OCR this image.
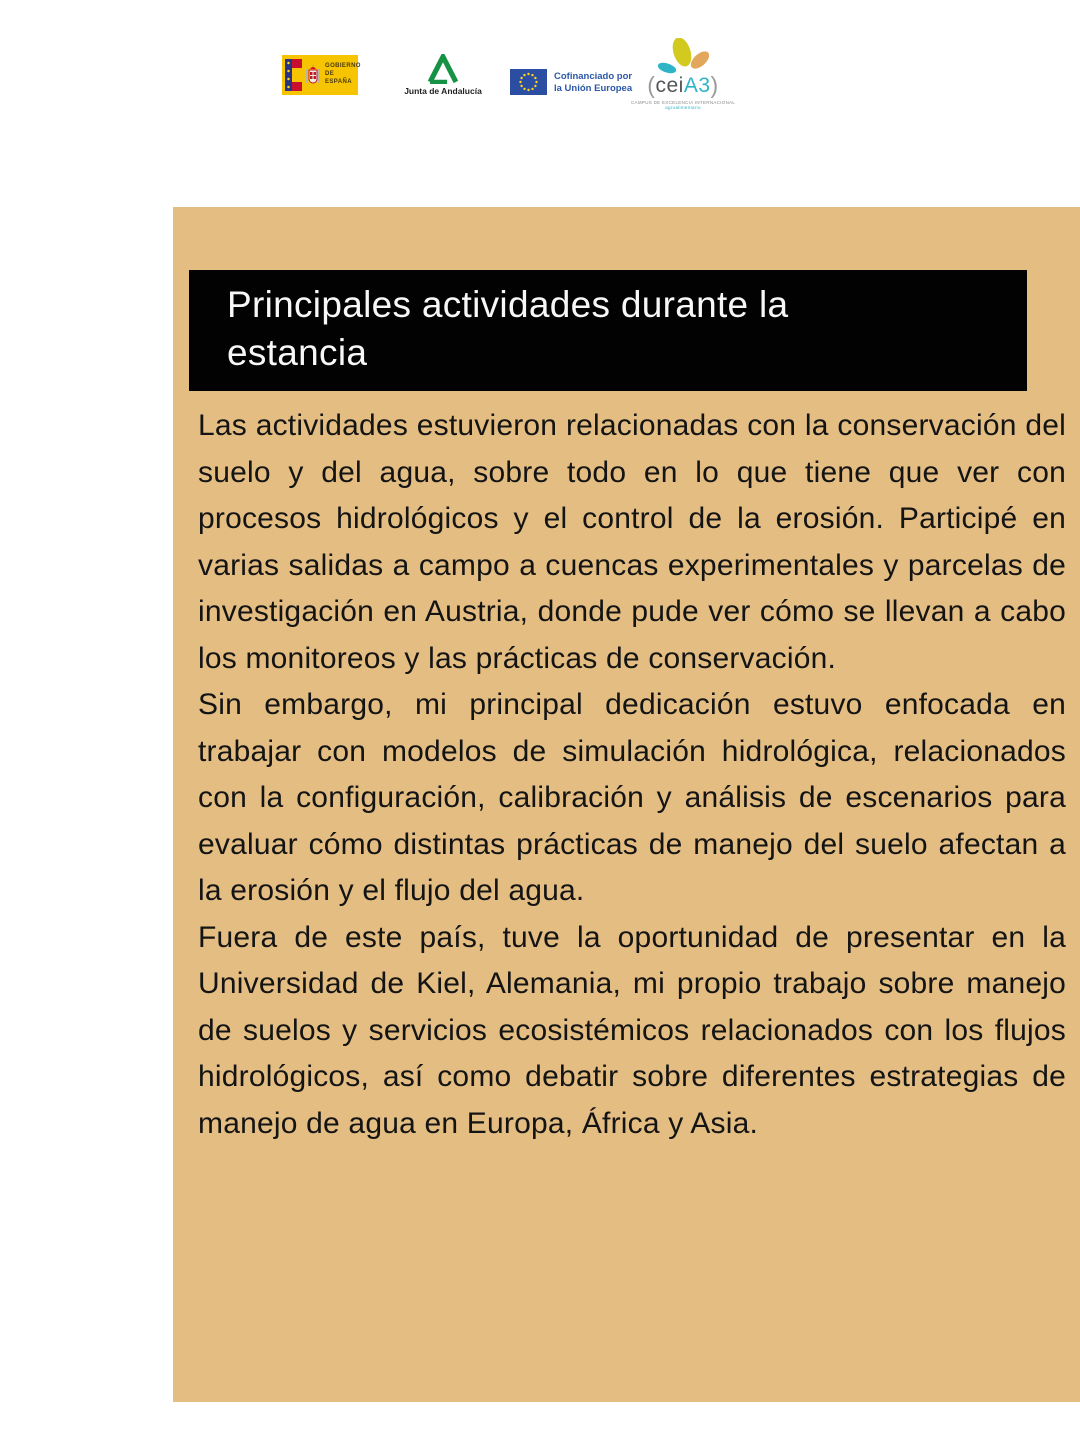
GOBIERNO
DE ESPAÑA
Junta de Andalucía
Cofinanciado por
la Unión Europea (ceiA3)
CAMPUS DE EXCELENCIA INTERNACIONAL
agroalimentario
Principales actividades durante la estancia

Las actividades estuvieron relacionadas con la conservación del suelo y del agua, sobre todo en lo que tiene que ver con procesos hidrológicos y el control de la erosión. Participé en varias salidas a campo a cuencas experimentales y parcelas de investigación en Austria, donde pude ver cómo se llevan a cabo los monitoreos y las prácticas de conservación.

Sin embargo, mi principal dedicación estuvo enfocada en trabajar con modelos de simulación hidrológica, relacionados con la configuración, calibración y análisis de escenarios para evaluar cómo distintas prácticas de manejo del suelo afectan a la erosión y el flujo del agua.

Fuera de este país, tuve la oportunidad de presentar en la Universidad de Kiel, Alemania, mi propio trabajo sobre manejo de suelos y servicios ecosistémicos relacionados con los flujos hidrológicos, así como debatir sobre diferentes estrategias de manejo de agua en Europa, África y Asia.
